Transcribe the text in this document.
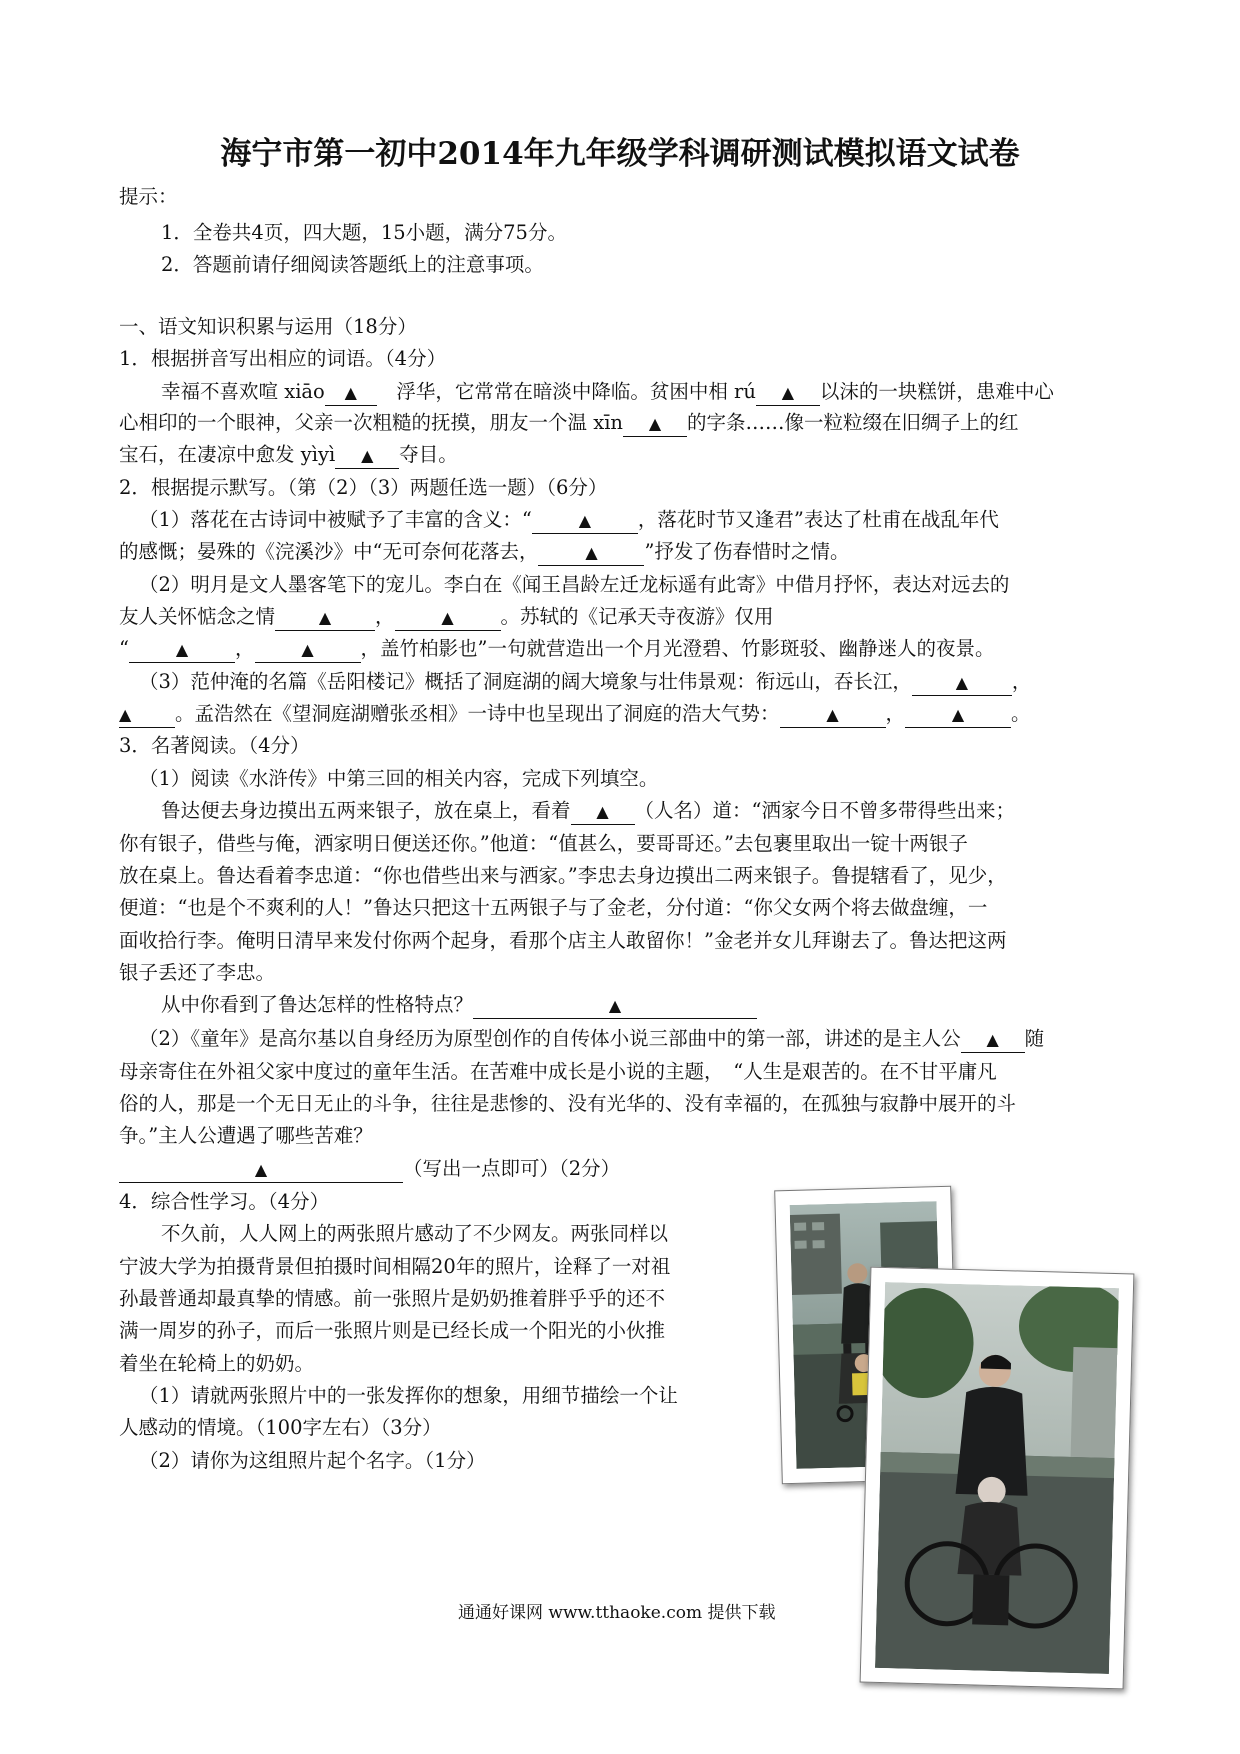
海宁市第一初中2014年九年级学科调研测试模拟语文试卷
提示：
1．全卷共4页，四大题，15小题，满分75分。
2．答题前请仔细阅读答题纸上的注意事项。
一、语文知识积累与运用（18分）
1．根据拼音写出相应的词语。（4分）
幸福不喜欢喧 xiāo ▲  浮华，它常常在暗淡中降临。贫困中相 rú ▲ 以沫的一块糕饼，患难中心
心相印的一个眼神，父亲一次粗糙的抚摸，朋友一个温 xīn ▲ 的字条……像一粒粒缀在旧绸子上的红
宝石，在凄凉中愈发 yìyì ▲ 夺目。
2．根据提示默写。（第（2）（3）两题任选一题）（6分）
（1）落花在古诗词中被赋予了丰富的含义：“	▲ ，落花时节又逢君”表达了杜甫在战乱年代
的感慨；晏殊的《浣溪沙》中“无可奈何花落去，	▲ ”抒发了伤春惜时之情。
（2）明月是文人墨客笔下的宠儿。李白在《闻王昌龄左迁龙标遥有此寄》中借月抒怀，表达对远去的
友人关怀惦念之情	▲ ，	▲ 。苏轼的《记承天寺夜游》仅用
“	▲ ，	▲ ，盖竹柏影也”一句就营造出一个月光澄碧、竹影斑驳、幽静迷人的夜景。
（3）范仲淹的名篇《岳阳楼记》概括了洞庭湖的阔大境象与壮伟景观：衔远山，吞长江，	▲ ，
▲ 。孟浩然在《望洞庭湖赠张丞相》一诗中也呈现出了洞庭的浩大气势：	▲ ，	▲ 。
3．名著阅读。（4分）
（1）阅读《水浒传》中第三回的相关内容，完成下列填空。
鲁达便去身边摸出五两来银子，放在桌上，看着 ▲ （人名）道：“洒家今日不曾多带得些出来；
你有银子，借些与俺，洒家明日便送还你。”他道：“值甚么，要哥哥还。”去包裹里取出一锭十两银子
放在桌上。鲁达看着李忠道：“你也借些出来与洒家。”李忠去身边摸出二两来银子。鲁提辖看了，见少，
便道：“也是个不爽利的人！”鲁达只把这十五两银子与了金老，分付道：“你父女两个将去做盘缠，一
面收拾行李。俺明日清早来发付你两个起身，看那个店主人敢留你！”金老并女儿拜谢去了。鲁达把这两
银子丢还了李忠。
从中你看到了鲁达怎样的性格特点？	▲
（2）《童年》是高尔基以自身经历为原型创作的自传体小说三部曲中的第一部，讲述的是主人公 ▲ 随
母亲寄住在外祖父家中度过的童年生活。在苦难中成长是小说的主题，　“人生是艰苦的。在不甘平庸凡
俗的人，那是一个无日无止的斗争，往往是悲惨的、没有光华的、没有幸福的，在孤独与寂静中展开的斗
争。”主人公遭遇了哪些苦难？
▲	（写出一点即可）（2分）
4．综合性学习。（4分）
不久前，人人网上的两张照片感动了不少网友。两张同样以
宁波大学为拍摄背景但拍摄时间相隔20年的照片，诠释了一对祖
孙最普通却最真挚的情感。前一张照片是奶奶推着胖乎乎的还不
满一周岁的孙子，而后一张照片则是已经长成一个阳光的小伙推
着坐在轮椅上的奶奶。
（1）请就两张照片中的一张发挥你的想象，用细节描绘一个让
人感动的情境。（100字左右）（3分）
（2）请你为这组照片起个名字。（1分）
通通好课网 www.tthaoke.com 提供下载
